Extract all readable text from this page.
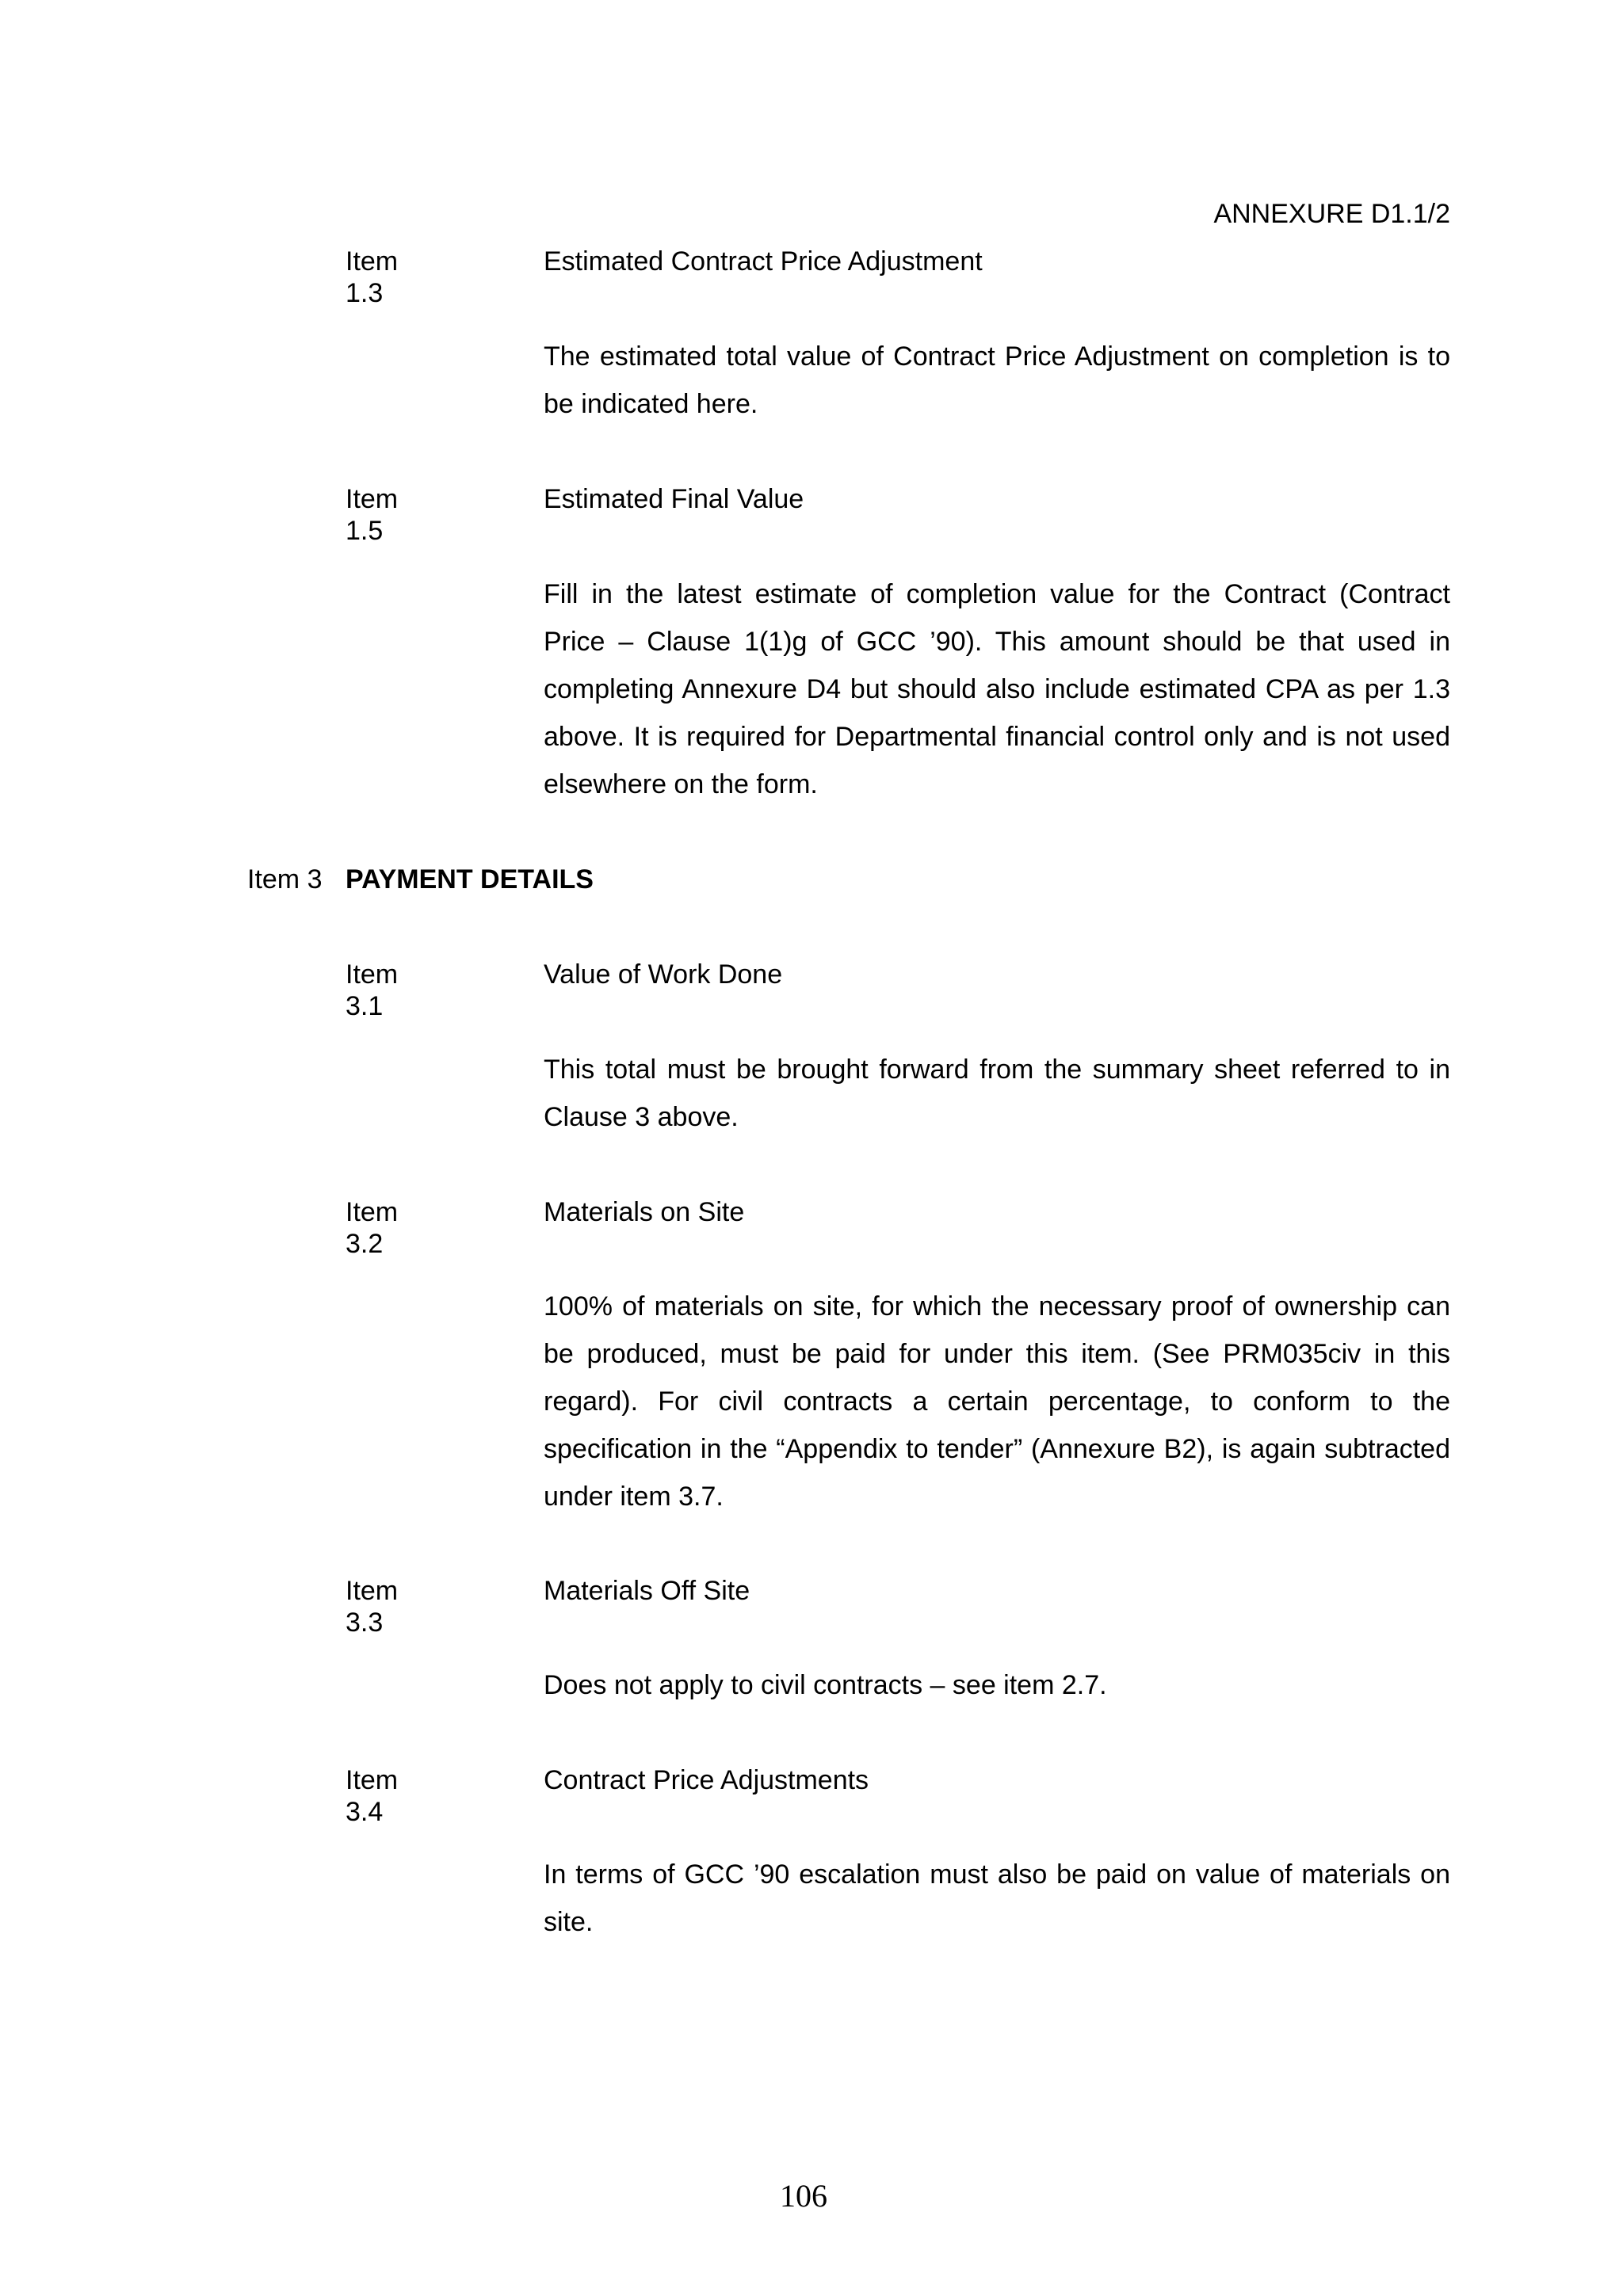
ANNEXURE D1.1/2

Item 1.3
Estimated Contract Price Adjustment

The estimated total value of Contract Price Adjustment on completion is to be indicated here.

Item 1.5
Estimated Final Value

Fill in the latest estimate of completion value for the Contract (Contract Price – Clause 1(1)g of GCC ’90). This amount should be that used in completing Annexure D4 but should also include estimated CPA as per 1.3 above. It is required for Departmental financial control only and is not used elsewhere on the form.

Item 3 PAYMENT DETAILS
Item 3.1
Value of Work Done

This total must be brought forward from the summary sheet referred to in Clause 3 above.

Item 3.2
Materials on Site

100% of materials on site, for which the necessary proof of ownership can be produced, must be paid for under this item. (See PRM035civ in this regard). For civil contracts a certain percentage, to conform to the specification in the “Appendix to tender” (Annexure B2), is again subtracted under item 3.7.

Item 3.3
Materials Off Site

Does not apply to civil contracts – see item 2.7.

Item 3.4
Contract Price Adjustments

In terms of GCC ’90 escalation must also be paid on value of materials on site.

106
